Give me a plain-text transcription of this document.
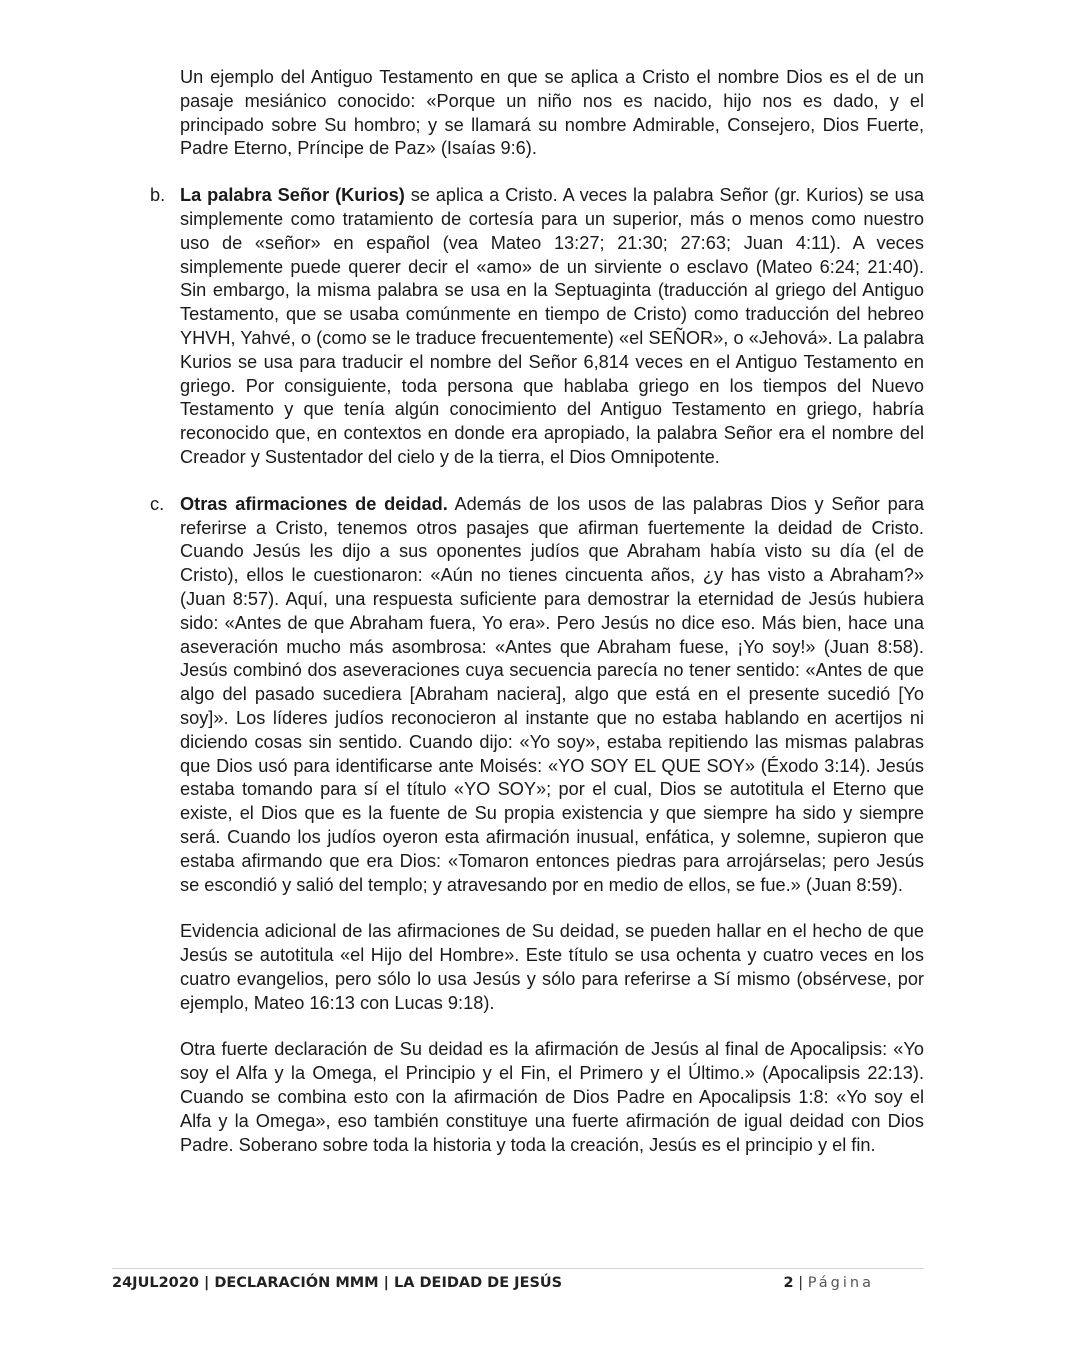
Un ejemplo del Antiguo Testamento en que se aplica a Cristo el nombre Dios es el de un pasaje mesiánico conocido: «Porque un niño nos es nacido, hijo nos es dado, y el principado sobre Su hombro; y se llamará su nombre Admirable, Consejero, Dios Fuerte, Padre Eterno, Príncipe de Paz» (Isaías 9:6).

b. La palabra Señor (Kurios) se aplica a Cristo. A veces la palabra Señor (gr. Kurios) se usa simplemente como tratamiento de cortesía para un superior, más o menos como nuestro uso de «señor» en español (vea Mateo 13:27; 21:30; 27:63; Juan 4:11). A veces simplemente puede querer decir el «amo» de un sirviente o esclavo (Mateo 6:24; 21:40). Sin embargo, la misma palabra se usa en la Septuaginta (traducción al griego del Antiguo Testamento, que se usaba comúnmente en tiempo de Cristo) como traducción del hebreo YHVH, Yahvé, o (como se le traduce frecuentemente) «el SEÑOR», o «Jehová». La palabra Kurios se usa para traducir el nombre del Señor 6,814 veces en el Antiguo Testamento en griego. Por consiguiente, toda persona que hablaba griego en los tiempos del Nuevo Testamento y que tenía algún conocimiento del Antiguo Testamento en griego, habría reconocido que, en contextos en donde era apropiado, la palabra Señor era el nombre del Creador y Sustentador del cielo y de la tierra, el Dios Omnipotente.

c. Otras afirmaciones de deidad. Además de los usos de las palabras Dios y Señor para referirse a Cristo, tenemos otros pasajes que afirman fuertemente la deidad de Cristo. Cuando Jesús les dijo a sus oponentes judíos que Abraham había visto su día (el de Cristo), ellos le cuestionaron: «Aún no tienes cincuenta años, ¿y has visto a Abraham?» (Juan 8:57). Aquí, una respuesta suficiente para demostrar la eternidad de Jesús hubiera sido: «Antes de que Abraham fuera, Yo era». Pero Jesús no dice eso. Más bien, hace una aseveración mucho más asombrosa: «Antes que Abraham fuese, ¡Yo soy!» (Juan 8:58). Jesús combinó dos aseveraciones cuya secuencia parecía no tener sentido: «Antes de que algo del pasado sucediera [Abraham naciera], algo que está en el presente sucedió [Yo soy]». Los líderes judíos reconocieron al instante que no estaba hablando en acertijos ni diciendo cosas sin sentido. Cuando dijo: «Yo soy», estaba repitiendo las mismas palabras que Dios usó para identificarse ante Moisés: «YO SOY EL QUE SOY» (Éxodo 3:14). Jesús estaba tomando para sí el título «YO SOY»; por el cual, Dios se autotitula el Eterno que existe, el Dios que es la fuente de Su propia existencia y que siempre ha sido y siempre será. Cuando los judíos oyeron esta afirmación inusual, enfática, y solemne, supieron que estaba afirmando que era Dios: «Tomaron entonces piedras para arrojárselas; pero Jesús se escondió y salió del templo; y atravesando por en medio de ellos, se fue.» (Juan 8:59).

Evidencia adicional de las afirmaciones de Su deidad, se pueden hallar en el hecho de que Jesús se autotitula «el Hijo del Hombre». Este título se usa ochenta y cuatro veces en los cuatro evangelios, pero sólo lo usa Jesús y sólo para referirse a Sí mismo (obsérvese, por ejemplo, Mateo 16:13 con Lucas 9:18).

Otra fuerte declaración de Su deidad es la afirmación de Jesús al final de Apocalipsis: «Yo soy el Alfa y la Omega, el Principio y el Fin, el Primero y el Último.» (Apocalipsis 22:13). Cuando se combina esto con la afirmación de Dios Padre en Apocalipsis 1:8: «Yo soy el Alfa y la Omega», eso también constituye una fuerte afirmación de igual deidad con Dios Padre. Soberano sobre toda la historia y toda la creación, Jesús es el principio y el fin.

24JUL2020 | DECLARACIÓN MMM | LA DEIDAD DE JESÚS	2 | Página
